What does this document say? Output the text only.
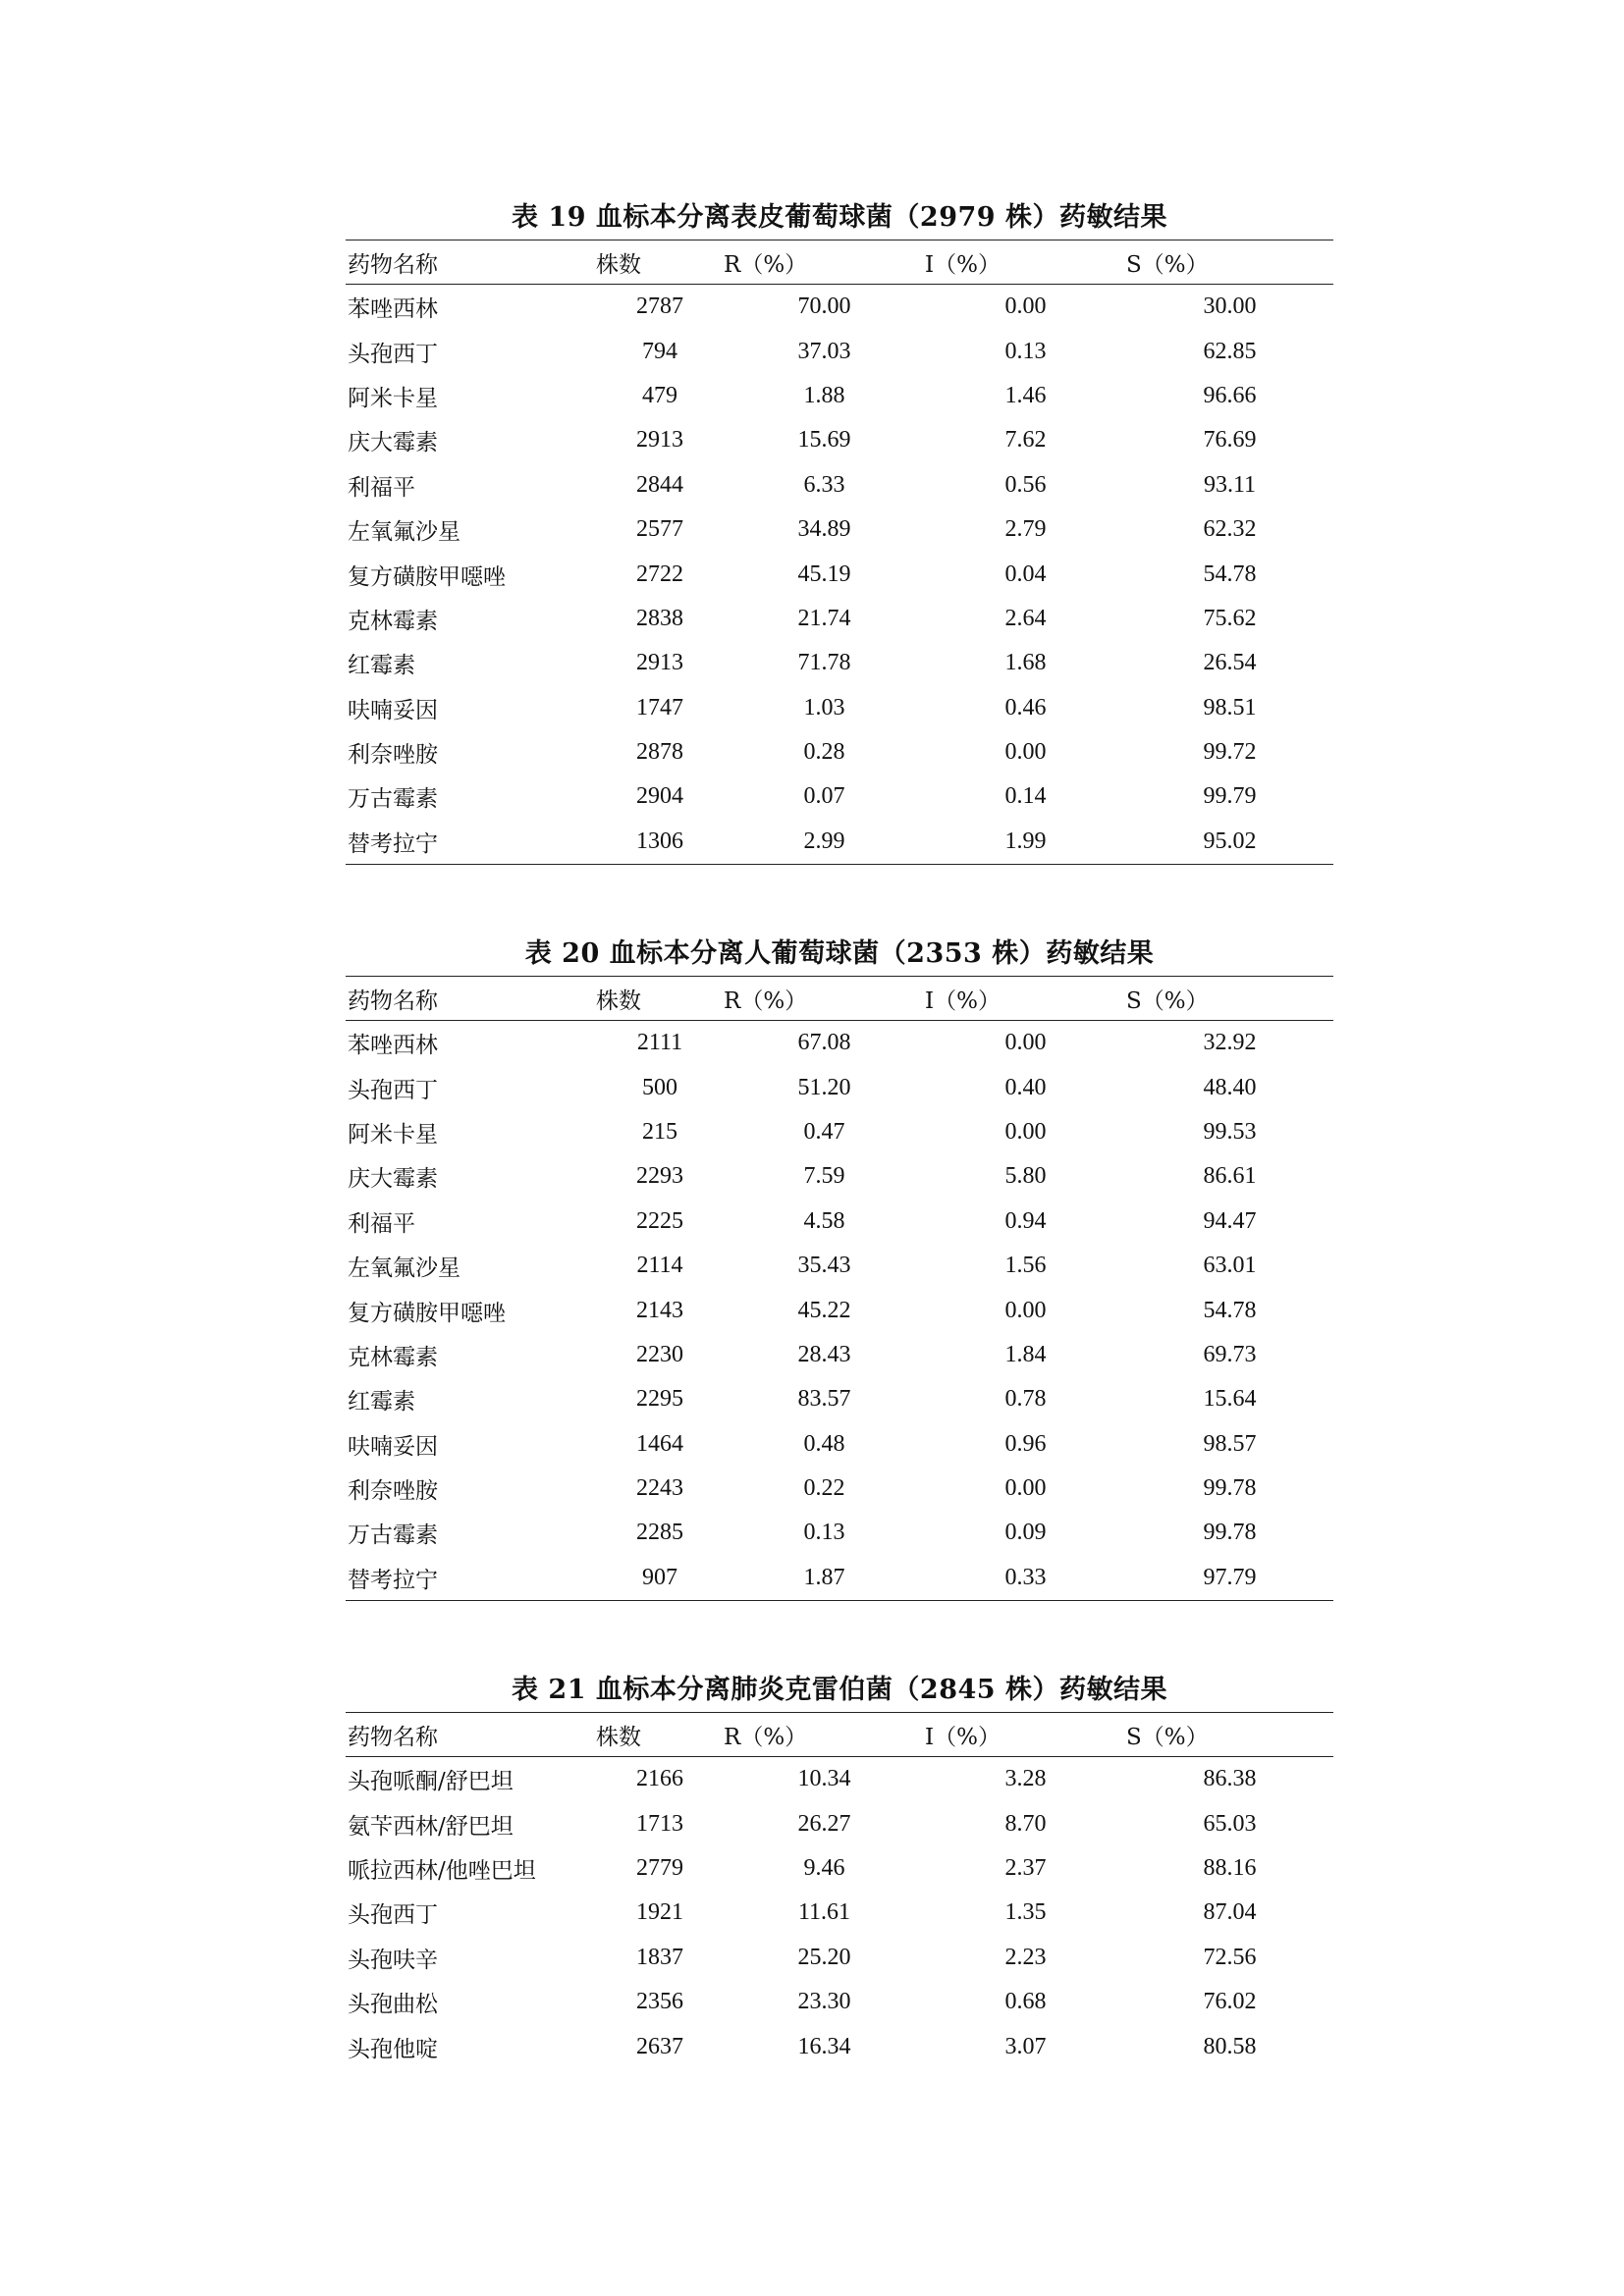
表 19 血标本分离表皮葡萄球菌（2979 株）药敏结果
药物名称	株数	R（%）	I（%）	S（%）
苯唑西林	2787	70.00	0.00	30.00
头孢西丁	794	37.03	0.13	62.85
阿米卡星	479	1.88	1.46	96.66
庆大霉素	2913	15.69	7.62	76.69
利福平	2844	6.33	0.56	93.11
左氧氟沙星	2577	34.89	2.79	62.32
复方磺胺甲噁唑	2722	45.19	0.04	54.78
克林霉素	2838	21.74	2.64	75.62
红霉素	2913	71.78	1.68	26.54
呋喃妥因	1747	1.03	0.46	98.51
利奈唑胺	2878	0.28	0.00	99.72
万古霉素	2904	0.07	0.14	99.79
替考拉宁	1306	2.99	1.99	95.02
表 20 血标本分离人葡萄球菌（2353 株）药敏结果
药物名称	株数	R（%）	I（%）	S（%）
苯唑西林	2111	67.08	0.00	32.92
头孢西丁	500	51.20	0.40	48.40
阿米卡星	215	0.47	0.00	99.53
庆大霉素	2293	7.59	5.80	86.61
利福平	2225	4.58	0.94	94.47
左氧氟沙星	2114	35.43	1.56	63.01
复方磺胺甲噁唑	2143	45.22	0.00	54.78
克林霉素	2230	28.43	1.84	69.73
红霉素	2295	83.57	0.78	15.64
呋喃妥因	1464	0.48	0.96	98.57
利奈唑胺	2243	0.22	0.00	99.78
万古霉素	2285	0.13	0.09	99.78
替考拉宁	907	1.87	0.33	97.79
表 21 血标本分离肺炎克雷伯菌（2845 株）药敏结果
药物名称	株数	R（%）	I（%）	S（%）
头孢哌酮/舒巴坦	2166	10.34	3.28	86.38
氨苄西林/舒巴坦	1713	26.27	8.70	65.03
哌拉西林/他唑巴坦	2779	9.46	2.37	88.16
头孢西丁	1921	11.61	1.35	87.04
头孢呋辛	1837	25.20	2.23	72.56
头孢曲松	2356	23.30	0.68	76.02
头孢他啶	2637	16.34	3.07	80.58
